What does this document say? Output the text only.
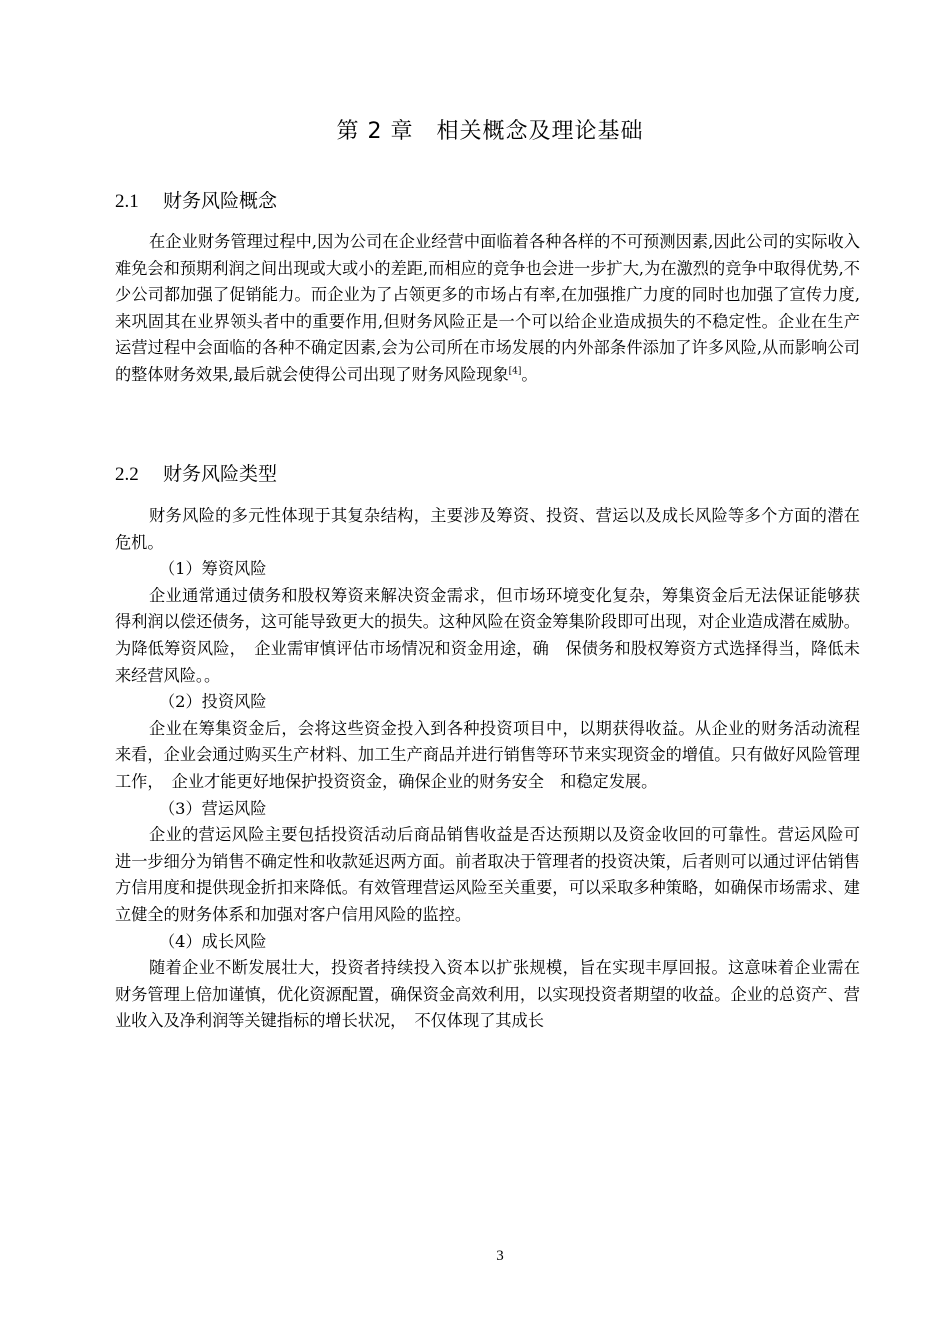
第 2 章　相关概念及理论基础
2.1 财务风险概念

在企业财务管理过程中,因为公司在企业经营中面临着各种各样的不可预测因素,因此公司的实际收入难免会和预期利润之间出现或大或小的差距,而相应的竞争也会进一步扩大,为在激烈的竞争中取得优势,不少公司都加强了促销能力。而企业为了占领更多的市场占有率,在加强推广力度的同时也加强了宣传力度,来巩固其在业界领头者中的重要作用,但财务风险正是一个可以给企业造成损失的不稳定性。企业在生产运营过程中会面临的各种不确定因素,会为公司所在市场发展的内外部条件添加了许多风险,从而影响公司的整体财务效果,最后就会使得公司出现了财务风险现象[4]。

2.2 财务风险类型

财务风险的多元性体现于其复杂结构，主要涉及筹资、投资、营运以及成长风险等多个方面的潜在危机。

（1）筹资风险

企业通常通过债务和股权筹资来解决资金需求，但市场环境变化复杂，筹集资金后无法保证能够获得利润以偿还债务，这可能导致更大的损失。这种风险在资金筹集阶段即可出现，对企业造成潜在威胁。为降低筹资风险，　企业需审慎评估市场情况和资金用途，确　保债务和股权筹资方式选择得当，降低未来经营风险。。

（2）投资风险

企业在筹集资金后，会将这些资金投入到各种投资项目中，以期获得收益。从企业的财务活动流程来看，企业会通过购买生产材料、加工生产商品并进行销售等环节来实现资金的增值。只有做好风险管理工作，　企业才能更好地保护投资资金，确保企业的财务安全　和稳定发展。

（3）营运风险

企业的营运风险主要包括投资活动后商品销售收益是否达预期以及资金收回的可靠性。营运风险可进一步细分为销售不确定性和收款延迟两方面。前者取决于管理者的投资决策，后者则可以通过评估销售方信用度和提供现金折扣来降低。有效管理营运风险至关重要，可以采取多种策略，如确保市场需求、建立健全的财务体系和加强对客户信用风险的监控。

（4）成长风险

随着企业不断发展壮大，投资者持续投入资本以扩张规模，旨在实现丰厚回报。这意味着企业需在财务管理上倍加谨慎，优化资源配置，确保资金高效利用，以实现投资者期望的收益。企业的总资产、营业收入及净利润等关键指标的增长状况，　不仅体现了其成长

3
